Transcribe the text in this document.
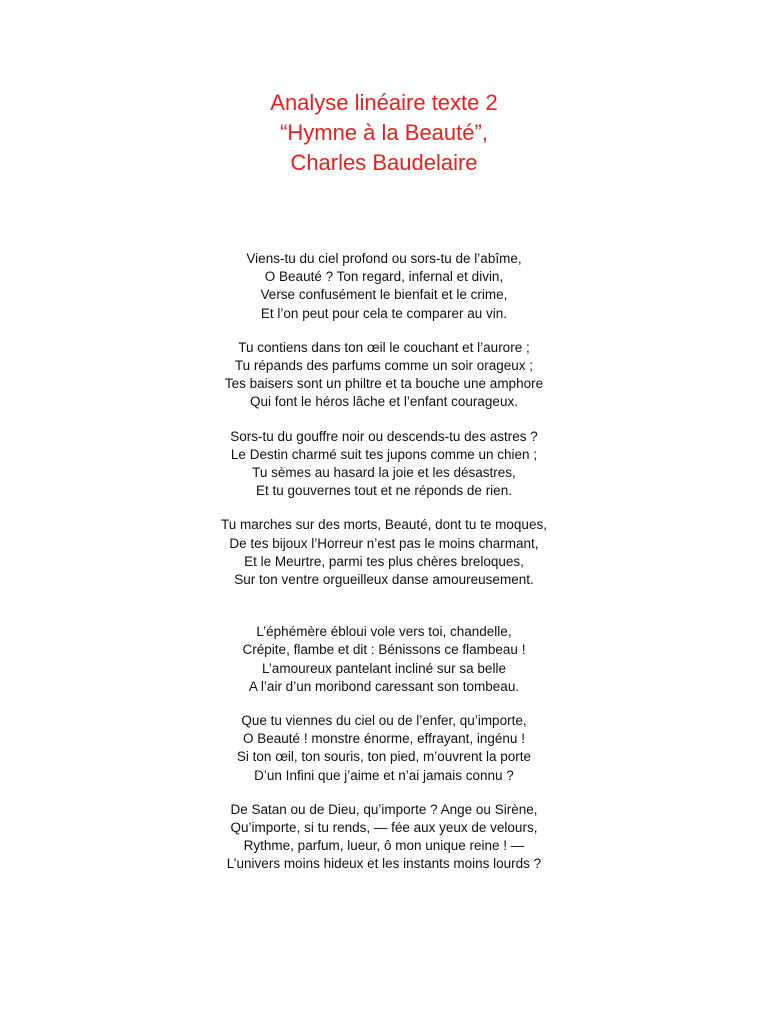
Analyse linéaire texte 2
“Hymne à la Beauté”,
Charles Baudelaire
Viens-tu du ciel profond ou sors-tu de l’abîme,
O Beauté ? Ton regard, infernal et divin,
Verse confusément le bienfait et le crime,
Et l’on peut pour cela te comparer au vin.
Tu contiens dans ton œil le couchant et l’aurore ;
Tu répands des parfums comme un soir orageux ;
Tes baisers sont un philtre et ta bouche une amphore
Qui font le héros lâche et l’enfant courageux.
Sors-tu du gouffre noir ou descends-tu des astres ?
Le Destin charmé suit tes jupons comme un chien ;
Tu sèmes au hasard la joie et les désastres,
Et tu gouvernes tout et ne réponds de rien.
Tu marches sur des morts, Beauté, dont tu te moques,
De tes bijoux l’Horreur n’est pas le moins charmant,
Et le Meurtre, parmi tes plus chères breloques,
Sur ton ventre orgueilleux danse amoureusement.
L’éphémère ébloui vole vers toi, chandelle,
Crépite, flambe et dit : Bénissons ce flambeau !
L’amoureux pantelant incliné sur sa belle
A l’air d’un moribond caressant son tombeau.
Que tu viennes du ciel ou de l’enfer, qu’importe,
O Beauté ! monstre énorme, effrayant, ingénu !
Si ton œil, ton souris, ton pied, m’ouvrent la porte
D’un Infini que j’aime et n’ai jamais connu ?
De Satan ou de Dieu, qu’importe ? Ange ou Sirène,
Qu’importe, si tu rends, — fée aux yeux de velours,
Rythme, parfum, lueur, ô mon unique reine ! —
L’univers moins hideux et les instants moins lourds ?
